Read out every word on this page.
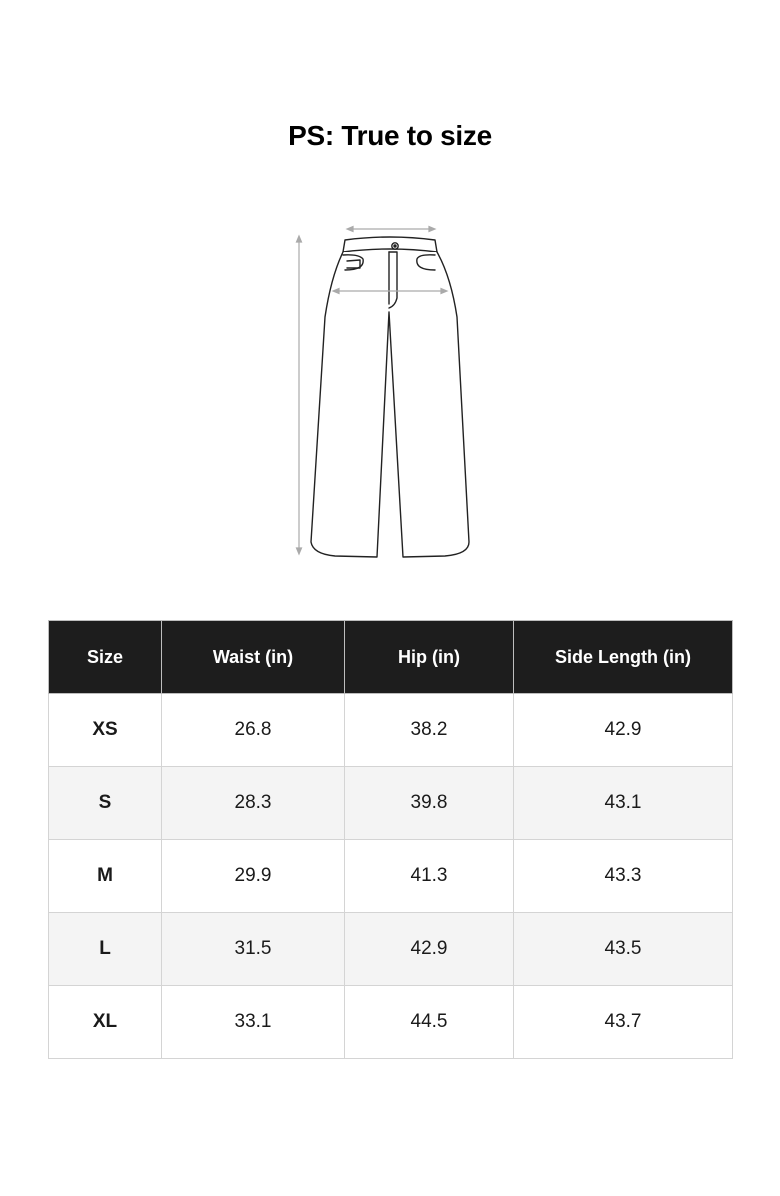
PS: True to size
Size	Waist (in)	Hip (in)	Side Length (in)
XS	26.8	38.2	42.9
S	28.3	39.8	43.1
M	29.9	41.3	43.3
L	31.5	42.9	43.5
XL	33.1	44.5	43.7
